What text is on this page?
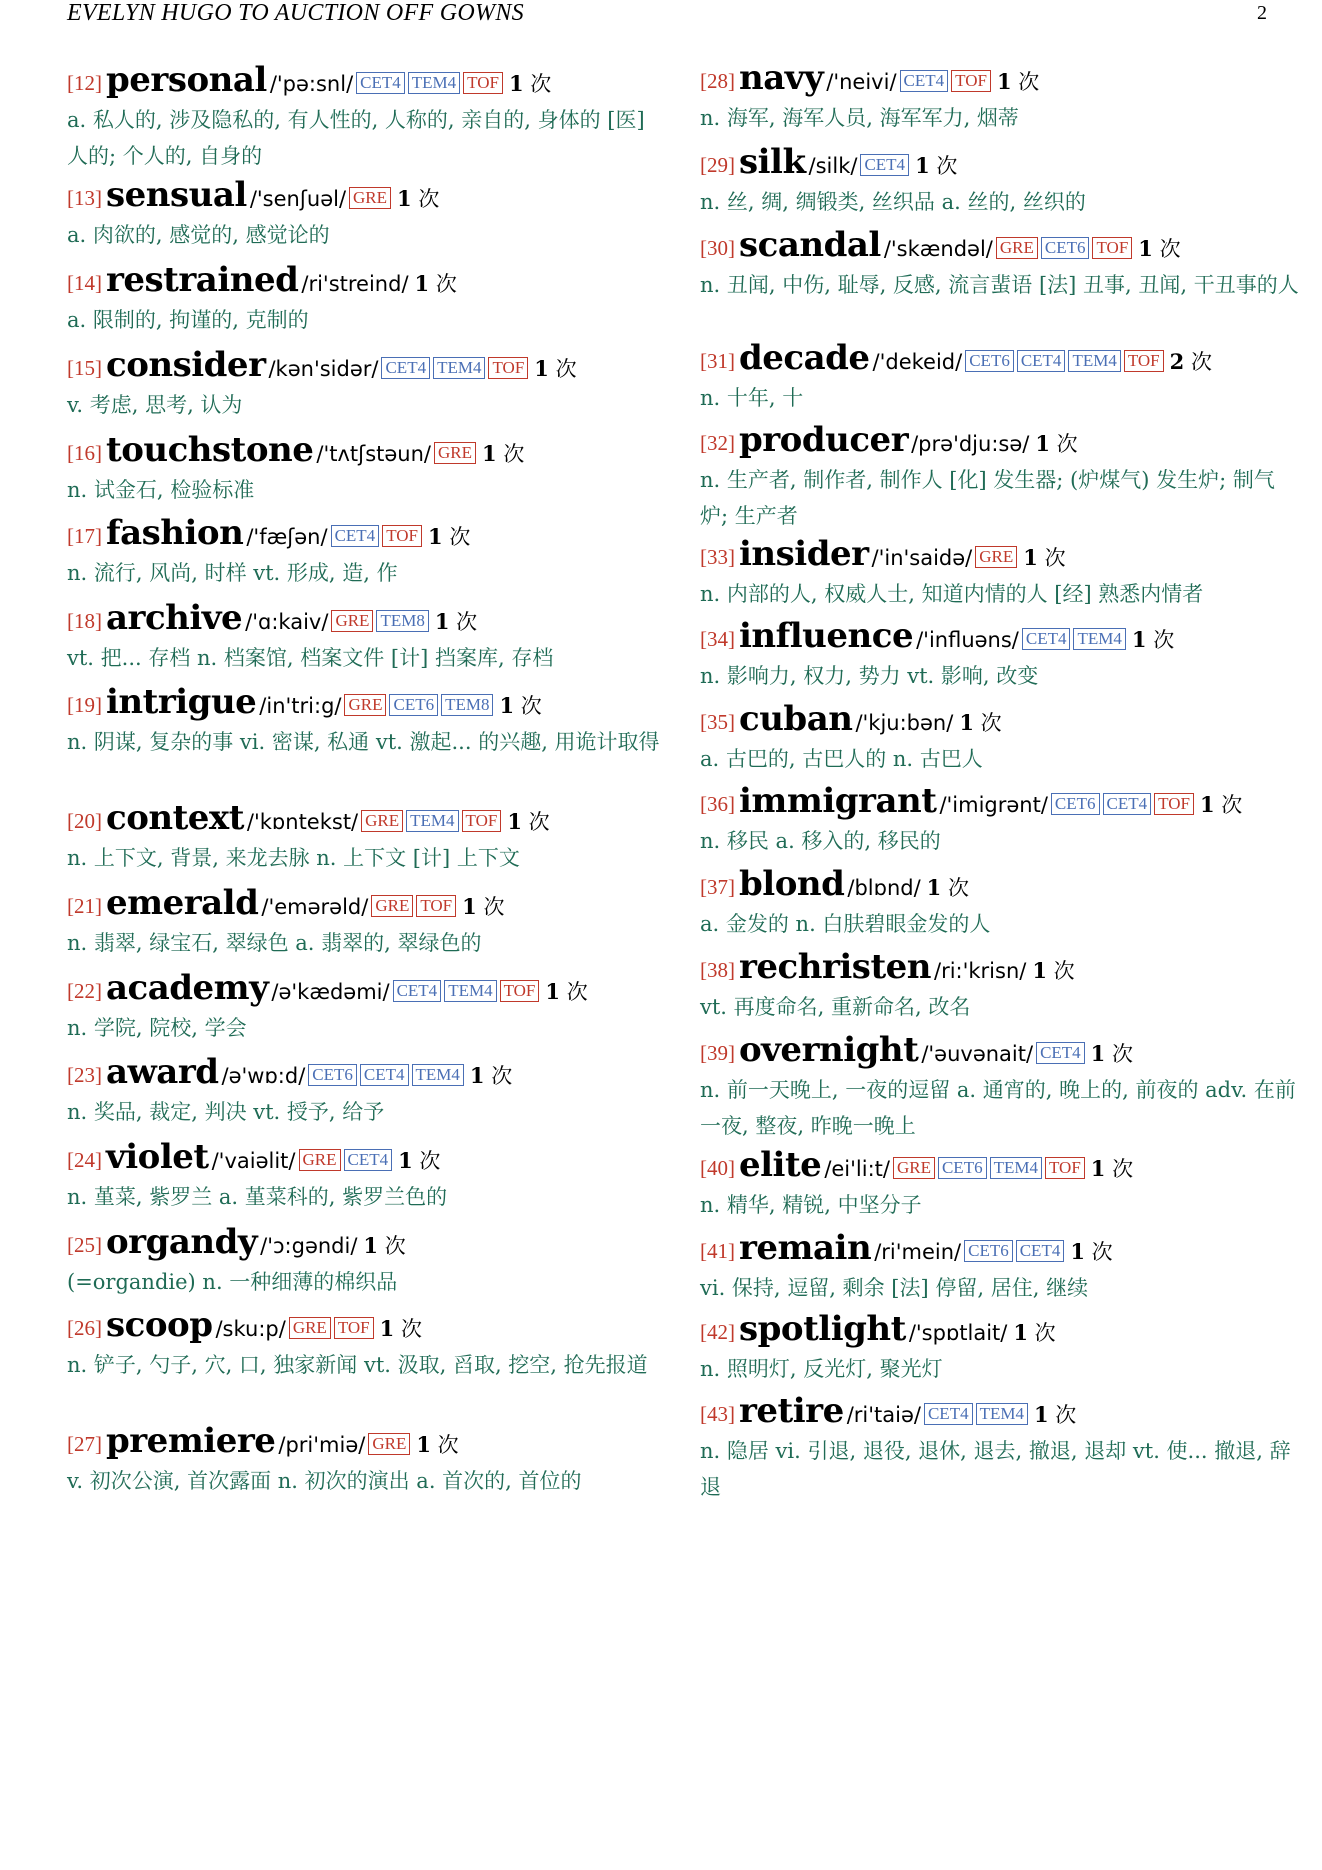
EVELYN HUGO TO AUCTION OFF GOWNS	2
[12] personal /'pə:snl/ CET4 TEM4 TOF 1 次
a. 私人的, 涉及隐私的, 有人性的, 人称的, 亲自的, 身体的 [医] 人的; 个人的, 自身的
[13] sensual /'senʃuəl/ GRE 1 次
a. 肉欲的, 感觉的, 感觉论的
[14] restrained /ri'streind/ 1 次
a. 限制的, 拘谨的, 克制的
[15] consider /kən'sidər/ CET4 TEM4 TOF 1 次
v. 考虑, 思考, 认为
[16] touchstone /'tʌtʃstəun/ GRE 1 次
n. 试金石, 检验标准
[17] fashion /'fæʃən/ CET4 TOF 1 次
n. 流行, 风尚, 时样 vt. 形成, 造, 作
[18] archive /'ɑ:kaiv/ GRE TEM8 1 次
vt. 把... 存档 n. 档案馆, 档案文件 [计] 挡案库, 存档
[19] intrigue /in'tri:g/ GRE CET6 TEM8 1 次
n. 阴谋, 复杂的事 vi. 密谋, 私通 vt. 激起... 的兴趣, 用诡计取得
[20] context /'kɒntekst/ GRE TEM4 TOF 1 次
n. 上下文, 背景, 来龙去脉 n. 上下文 [计] 上下文
[21] emerald /'emərəld/ GRE TOF 1 次
n. 翡翠, 绿宝石, 翠绿色 a. 翡翠的, 翠绿色的
[22] academy /ə'kædəmi/ CET4 TEM4 TOF 1 次
n. 学院, 院校, 学会
[23] award /ə'wɒ:d/ CET6 CET4 TEM4 1 次
n. 奖品, 裁定, 判决 vt. 授予, 给予
[24] violet /'vaiəlit/ GRE CET4 1 次
n. 堇菜, 紫罗兰 a. 堇菜科的, 紫罗兰色的
[25] organdy /'ɔ:gəndi/ 1 次
(=organdie) n. 一种细薄的棉织品
[26] scoop /sku:p/ GRE TOF 1 次
n. 铲子, 勺子, 穴, 口, 独家新闻 vt. 汲取, 舀取, 挖空, 抢先报道
[27] premiere /pri'miə/ GRE 1 次
v. 初次公演, 首次露面 n. 初次的演出 a. 首次的, 首位的
[28] navy /'neivi/ CET4 TOF 1 次
n. 海军, 海军人员, 海军军力, 烟蒂
[29] silk /silk/ CET4 1 次
n. 丝, 绸, 绸锻类, 丝织品 a. 丝的, 丝织的
[30] scandal /'skændəl/ GRE CET6 TOF 1 次
n. 丑闻, 中伤, 耻辱, 反感, 流言蜚语 [法] 丑事, 丑闻, 干丑事的人
[31] decade /'dekeid/ CET6 CET4 TEM4 TOF 2 次
n. 十年, 十
[32] producer /prə'dju:sə/ 1 次
n. 生产者, 制作者, 制作人 [化] 发生器; (炉煤气) 发生炉; 制气炉; 生产者
[33] insider /'in'saidə/ GRE 1 次
n. 内部的人, 权威人士, 知道内情的人 [经] 熟悉内情者
[34] influence /'influəns/ CET4 TEM4 1 次
n. 影响力, 权力, 势力 vt. 影响, 改变
[35] cuban /'kju:bən/ 1 次
a. 古巴的, 古巴人的 n. 古巴人
[36] immigrant /'imigrənt/ CET6 CET4 TOF 1 次
n. 移民 a. 移入的, 移民的
[37] blond /blɒnd/ 1 次
a. 金发的 n. 白肤碧眼金发的人
[38] rechristen /ri:'krisn/ 1 次
vt. 再度命名, 重新命名, 改名
[39] overnight /'əuvənait/ CET4 1 次
n. 前一天晚上, 一夜的逗留 a. 通宵的, 晚上的, 前夜的 adv. 在前一夜, 整夜, 昨晚一晚上
[40] elite /ei'li:t/ GRE CET6 TEM4 TOF 1 次
n. 精华, 精锐, 中坚分子
[41] remain /ri'mein/ CET6 CET4 1 次
vi. 保持, 逗留, 剩余 [法] 停留, 居住, 继续
[42] spotlight /'spɒtlait/ 1 次
n. 照明灯, 反光灯, 聚光灯
[43] retire /ri'taiə/ CET4 TEM4 1 次
n. 隐居 vi. 引退, 退役, 退休, 退去, 撤退, 退却 vt. 使... 撤退, 辞退
